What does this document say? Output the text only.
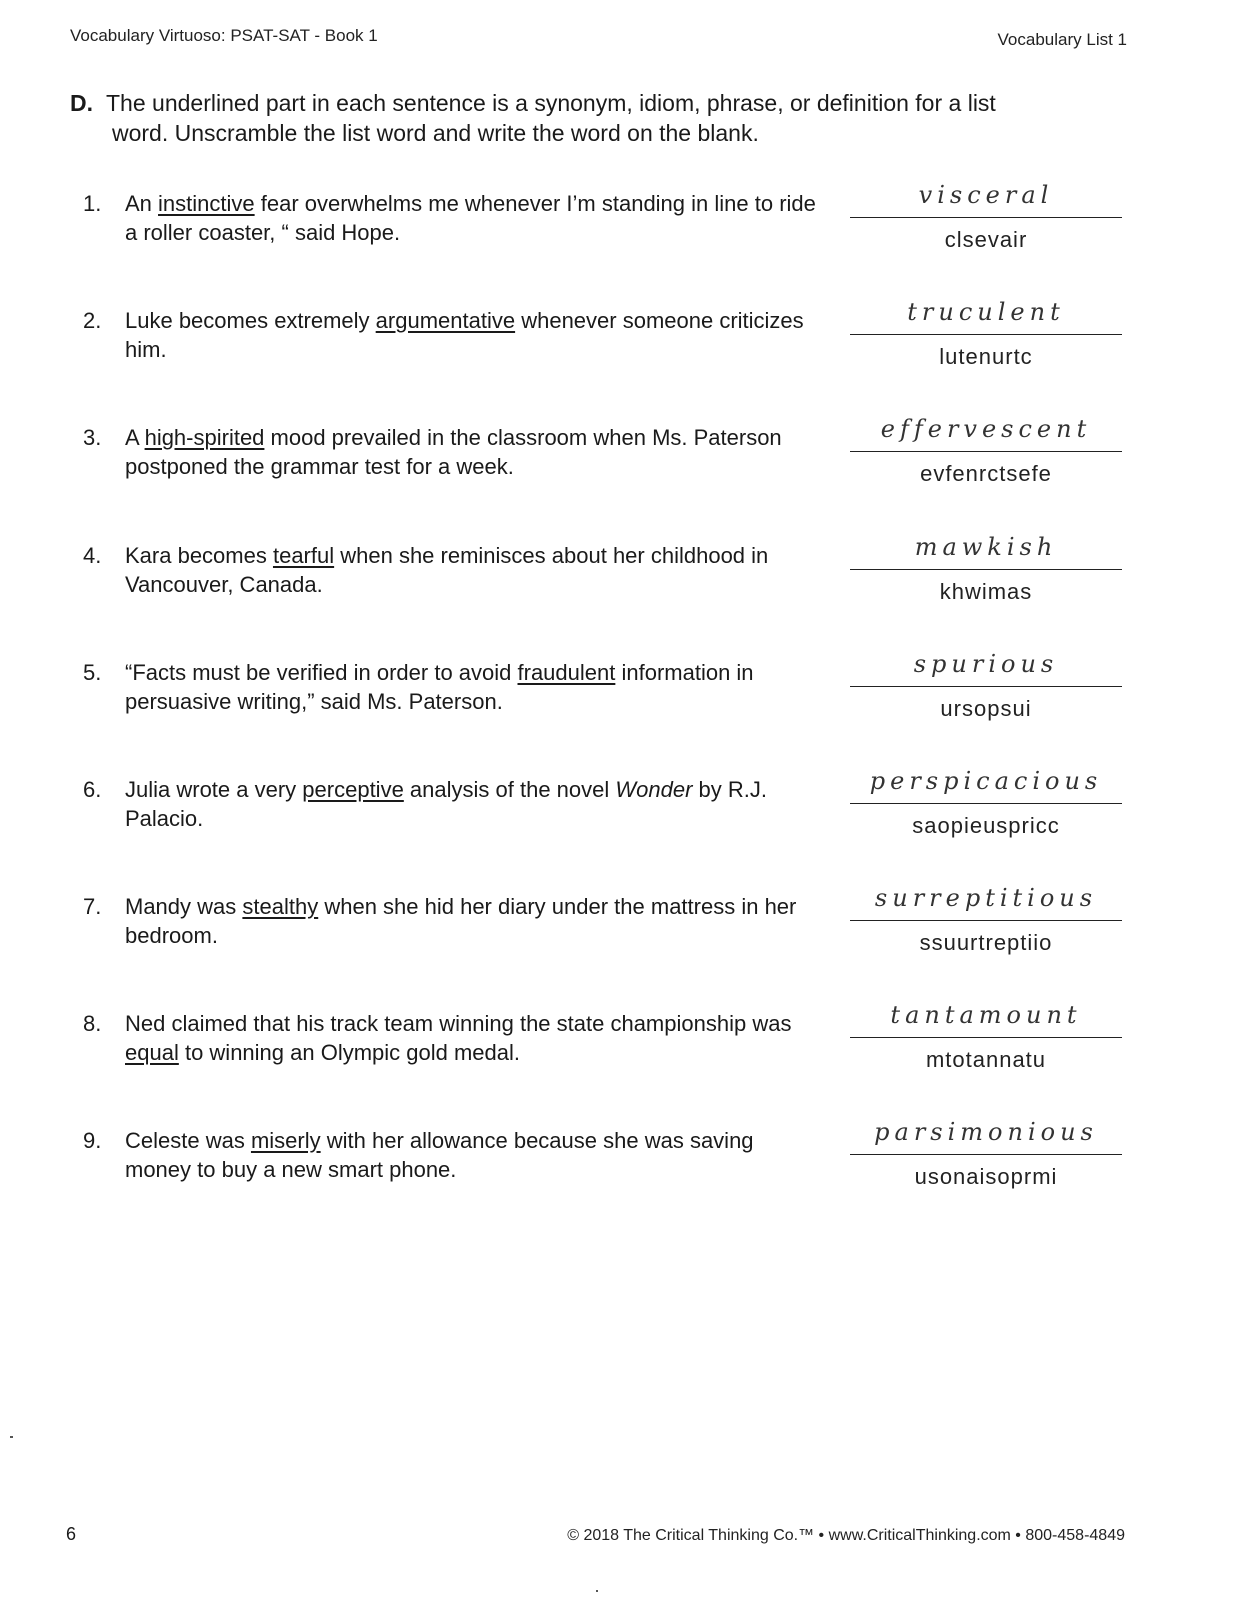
Vocabulary Virtuoso: PSAT-SAT - Book 1	Vocabulary List 1
D. The underlined part in each sentence is a synonym, idiom, phrase, or definition for a list
word. Unscramble the list word and write the word on the blank.
1.	An instinctive fear overwhelms me whenever I’m standing in line to ride a roller coaster, “ said Hope.
visceral
clsevair
2.	Luke becomes extremely argumentative whenever someone criticizes him.
truculent
lutenurtc
3.	A high-spirited mood prevailed in the classroom when Ms. Paterson postponed the grammar test for a week.
effervescent
evfenrctsefe
4.	Kara becomes tearful when she reminisces about her childhood in Vancouver, Canada.
mawkish
khwimas
5.	“Facts must be verified in order to avoid fraudulent information in persuasive writing,” said Ms. Paterson.
spurious
ursopsui
6.	Julia wrote a very perceptive analysis of the novel Wonder by R.J. Palacio.
perspicacious
saopieuspricc
7.	Mandy was stealthy when she hid her diary under the mattress in her bedroom.
surreptitious
ssuurtreptiio
8.	Ned claimed that his track team winning the state championship was equal to winning an Olympic gold medal.
tantamount
mtotannatu
9.	Celeste was miserly with her allowance because she was saving money to buy a new smart phone.
parsimonious
usonaisoprmi
6	© 2018 The Critical Thinking Co.™ • www.CriticalThinking.com • 800-458-4849
